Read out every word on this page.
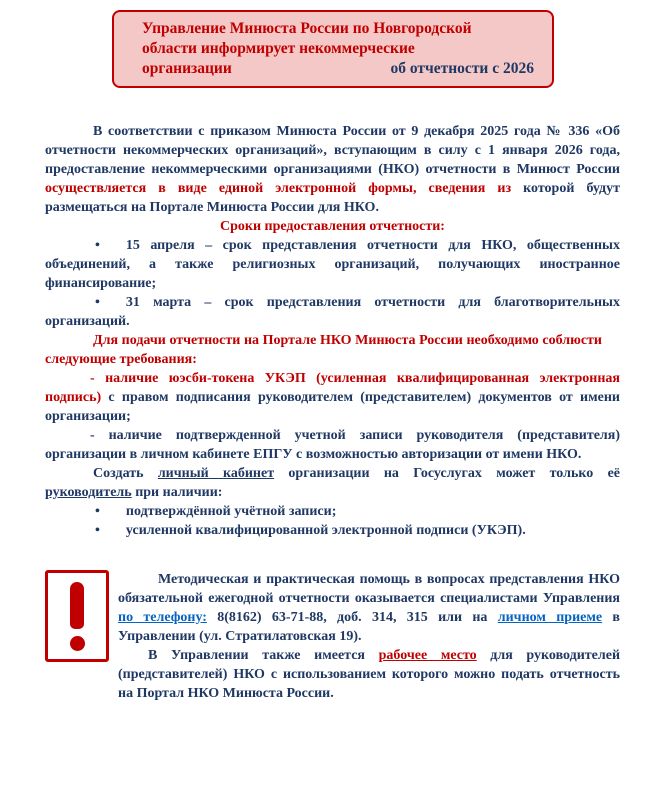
Управление Минюста России по Новгородской
области информирует некоммерческие
организации	об отчетности с 2026

В соответствии с приказом Минюста России от 9 декабря 2025 года № 336 «Об отчетности некоммерческих организаций», вступающим в силу с 1 января 2026 года, предоставление некоммерческими организациями (НКО) отчетности в Минюст России осуществляется в виде единой электронной формы, сведения из которой будут размещаться на Портале Минюста России для НКО.

Сроки предоставления отчетности:

• 15 апреля – срок представления отчетности для НКО, общественных объединений, а также религиозных организаций, получающих иностранное финансирование;

• 31 марта – срок представления отчетности для благотворительных организаций.

Для подачи отчетности на Портале НКО Минюста России необходимо соблюстиследующие требования:

- наличие юэсби-токена УКЭП (усиленная квалифицированная электронная подпись) с правом подписания руководителем (представителем) документов от имени организации;

- наличие подтвержденной учетной записи руководителя (представителя) организации в личном кабинете ЕПГУ с возможностью авторизации от имени НКО.

Создать личный кабинет организации на Госуслугах может только её руководитель при наличии:

• подтверждённой учётной записи;

• усиленной квалифицированной электронной подписи (УКЭП).

Методическая и практическая помощь в вопросах представления НКО обязательной ежегодной отчетности оказывается специалистами Управления по телефону: 8(8162) 63-71-88, доб. 314, 315 или на личном приеме в Управлении (ул. Стратилатовская 19).

В Управлении также имеется рабочее место для руководителей (представителей) НКО с использованием которого можно подать отчетность на Портал НКО Минюста России.
